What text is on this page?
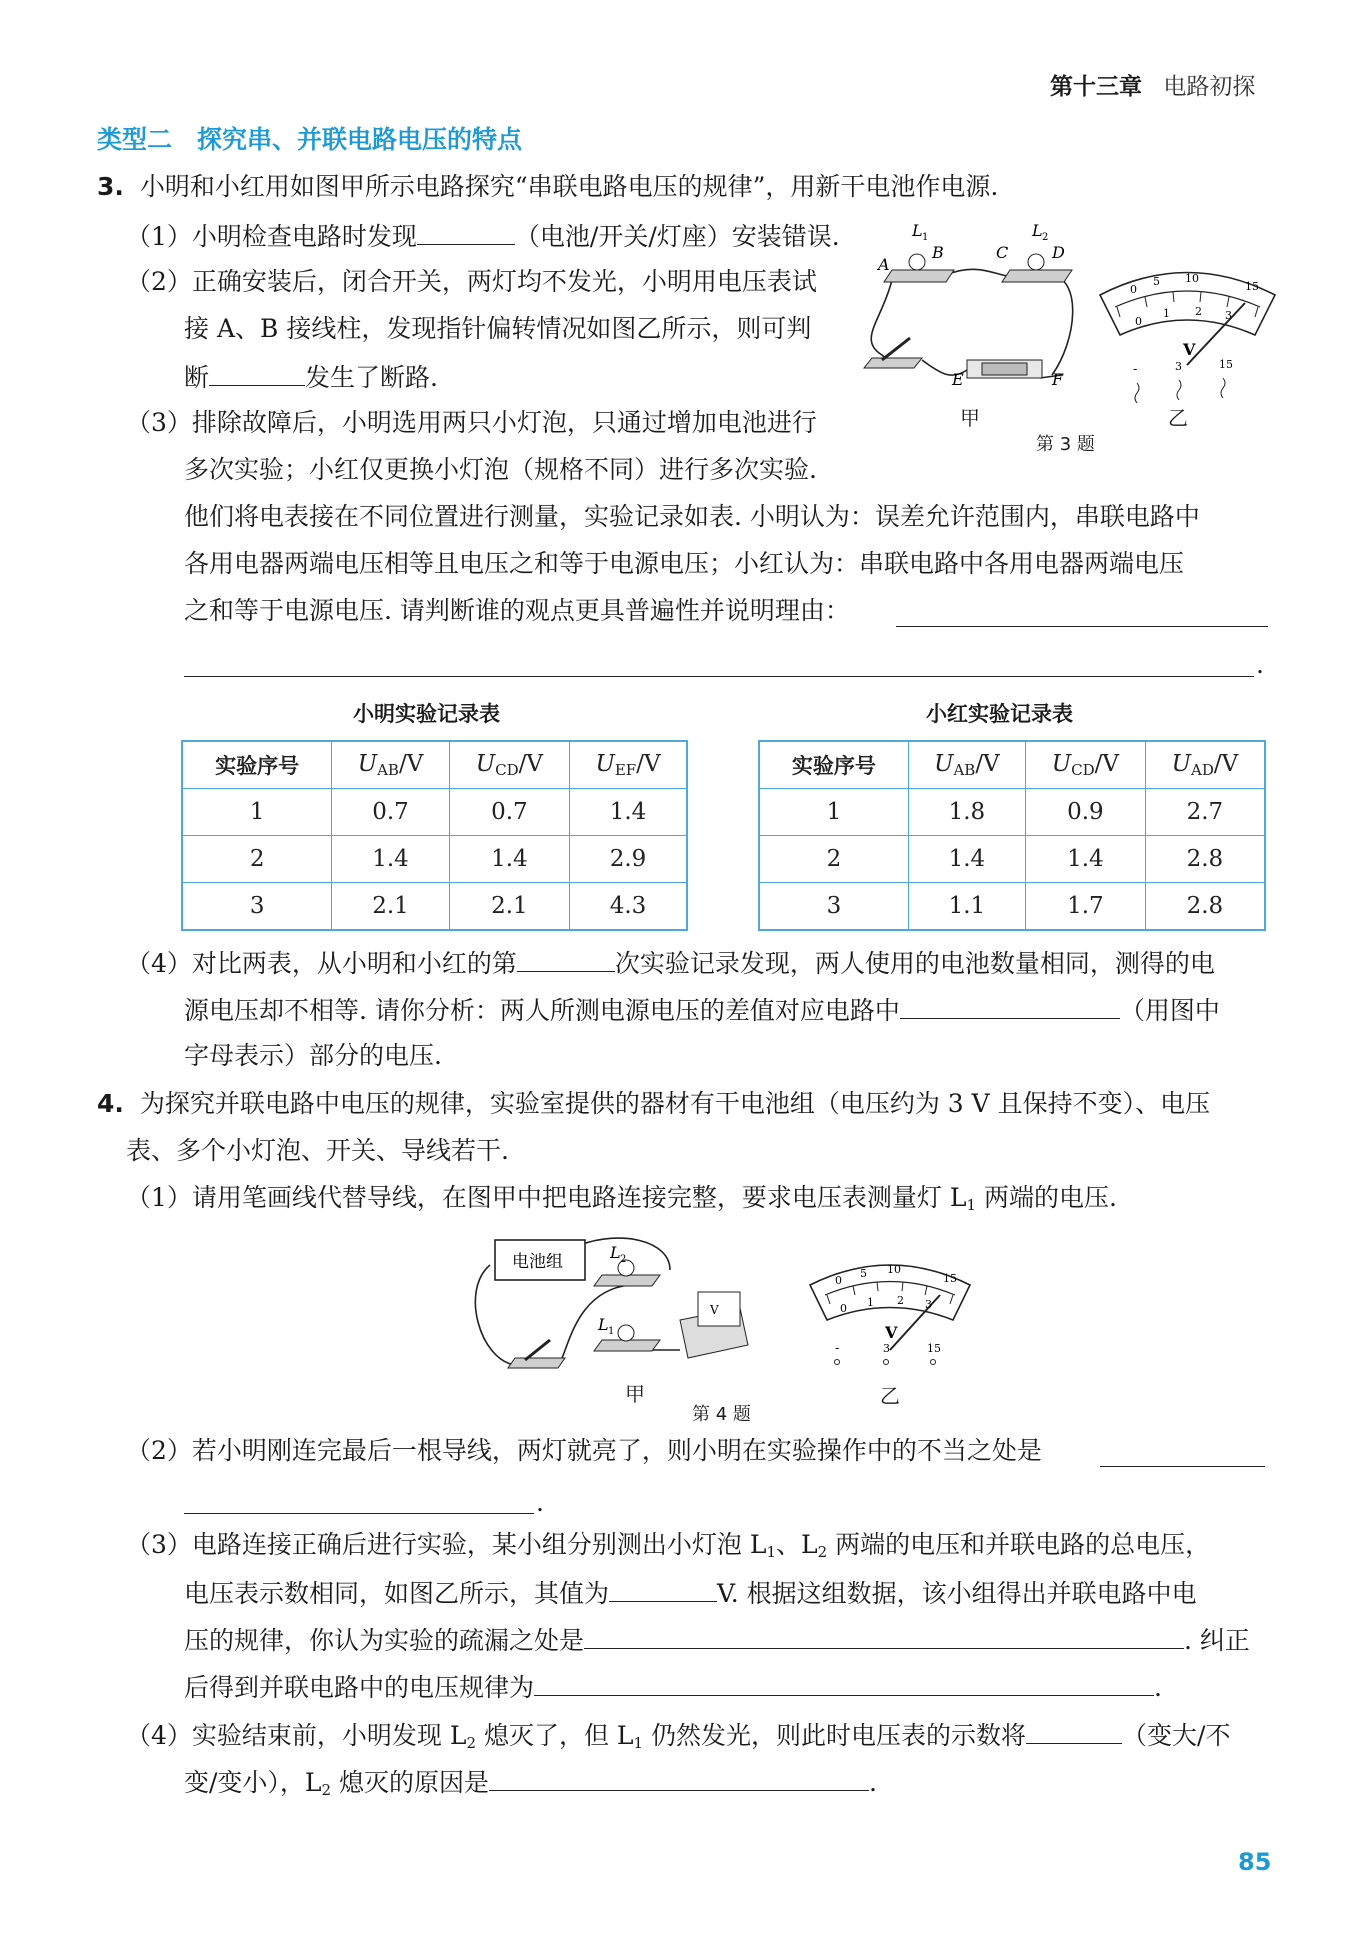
第十三章 电路初探
类型二　探究串、并联电路电压的特点
3. 小明和小红用如图甲所示电路探究“串联电路电压的规律”，用新干电池作电源.
（1）小明检查电路时发现	（电池/开关/灯座）安装错误.
（2）正确安装后，闭合开关，两灯均不发光，小明用电压表试
接 A、B 接线柱，发现指针偏转情况如图乙所示，则可判
断	发生了断路.
（3）排除故障后，小明选用两只小灯泡，只通过增加电池进行
多次实验；小红仅更换小灯泡（规格不同）进行多次实验.
他们将电表接在不同位置进行测量，实验记录如表. 小明认为：误差允许范围内，串联电路中
各用电器两端电压相等且电压之和等于电源电压；小红认为：串联电路中各用电器两端电压
之和等于电源电压. 请判断谁的观点更具普遍性并说明理由：
.
L 1	L 2
A
B	C	D
E	F
甲
0
5 10
15
0
1 2 3
V
-	3	15
乙
第 3 题
小明实验记录表	小红实验记录表
实验序号	$U_{AB}/V$	$U_{CD}/V$	$U_{EF}/V$
1	0.7	0.7	1.4
2	1.4	1.4	2.9
3	2.1	2.1	4.3
实验序号	$U_{AB}/V$	$U_{CD}/V$	$U_{AD}/V$
1	1.8	0.9	2.7
2	1.4	1.4	2.8
3	1.1	1.7	2.8
（4）对比两表，从小明和小红的第	次实验记录发现，两人使用的电池数量相同，测得的电
源电压却不相等. 请你分析：两人所测电源电压的差值对应电路中	（用图中
字母表示）部分的电压.
4. 为探究并联电路中电压的规律，实验室提供的器材有干电池组（电压约为 3 V 且保持不变）、电压
表、多个小灯泡、开关、导线若干.
（1）请用笔画线代替导线，在图甲中把电路连接完整，要求电压表测量灯 $L_1$ 两端的电压.
电池组	L 2
L 1
V
甲
0
5 10
15
0 1 2 3
V
-	3	15
乙
第 4 题
（2）若小明刚连完最后一根导线，两灯就亮了，则小明在实验操作中的不当之处是
.
（3）电路连接正确后进行实验，某小组分别测出小灯泡 $L_1$、$L_2$ 两端的电压和并联电路的总电压，
电压表示数相同，如图乙所示，其值为	V. 根据这组数据，该小组得出并联电路中电
压的规律，你认为实验的疏漏之处是	. 纠正
后得到并联电路中的电压规律为	.
（4）实验结束前，小明发现 $L_2$ 熄灭了，但 $L_1$ 仍然发光，则此时电压表的示数将	（变大/不
变/变小），$L_2$ 熄灭的原因是	.
85
